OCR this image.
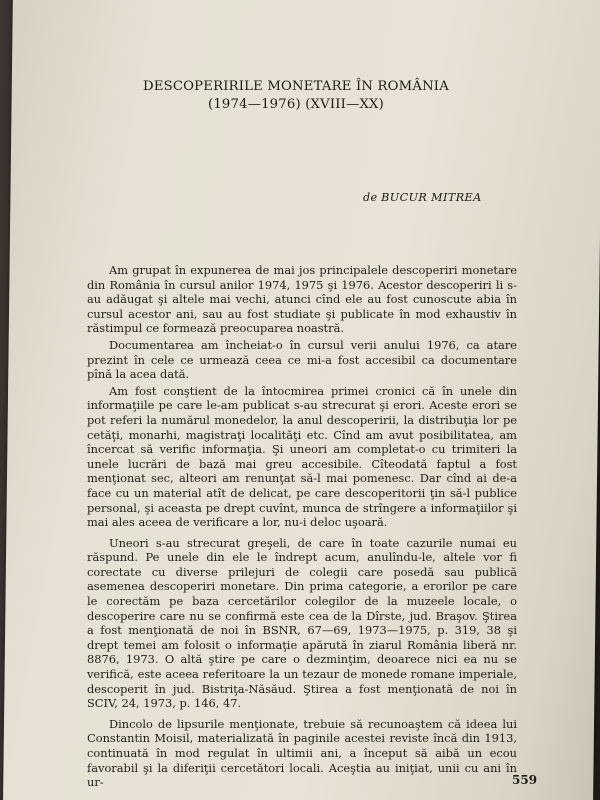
DESCOPERIRILE MONETARE ÎN ROMÂNIA
(1974—1976) (XVIII—XX)
de BUCUR MITREA

Am grupat în expunerea de mai jos principalele descoperiri monetare din România în cursul anilor 1974, 1975 şi 1976. Acestor descoperiri li s-au adăugat şi altele mai vechi, atunci cînd ele au fost cunoscute abia în cursul acestor ani, sau au fost studiate şi publicate în mod exhaustiv în răstimpul ce formează preocuparea noastră.

Documentarea am încheiat-o în cursul verii anului 1976, ca atare prezint în cele ce urmează ceea ce mi-a fost accesibil ca documentare pînă la acea dată.

Am fost conştient de la întocmirea primei cronici că în unele din informaţiile pe care le-am publicat s-au strecurat şi erori. Aceste erori se pot referi la numărul monedelor, la anul descoperirii, la distribuţia lor pe cetăţi, monarhi, magistraţi localităţi etc. Cînd am avut posibilitatea, am încercat să verific informaţia. Şi uneori am completat-o cu trimiteri la unele lucrări de bază mai greu accesibile. Cîteodată faptul a fost menţionat sec, alteori am renunţat să-l mai pomenesc. Dar cînd ai de-a face cu un material atît de delicat, pe care descoperitorii ţin să-l publice personal, şi aceasta pe drept cuvînt, munca de strîngere a informaţiilor şi mai ales aceea de verificare a lor, nu-i deloc uşoară.

Uneori s-au strecurat greşeli, de care în toate cazurile numai eu răspund. Pe unele din ele le îndrept acum, anulîndu-le, altele vor fi corectate cu diverse prilejuri de colegii care posedă sau publică asemenea descoperiri monetare. Din prima categorie, a erorilor pe care le corectăm pe baza cercetărilor colegilor de la muzeele locale, o descoperire care nu se confirmă este cea de la Dîrste, jud. Braşov. Ştirea a fost menţionată de noi în BSNR, 67—69, 1973—1975, p. 319, 38 şi drept temei am folosit o informaţie apărută în ziarul România liberă nr. 8876, 1973. O altă ştire pe care o dezminţim, deoarece nici ea nu se verifică, este aceea referitoare la un tezaur de monede romane imperiale, descoperit în jud. Bistriţa-Năsăud. Ştirea a fost menţionată de noi în SCIV, 24, 1973, p. 146, 47.

Dincolo de lipsurile menţionate, trebuie să recunoaştem că ideea lui Constantin Moisil, materializată în paginile acestei reviste încă din 1913, continuată în mod regulat în ultimii ani, a început să aibă un ecou favorabil şi la diferiţii cercetători locali. Aceştia au iniţiat, unii cu ani în ur-	559
